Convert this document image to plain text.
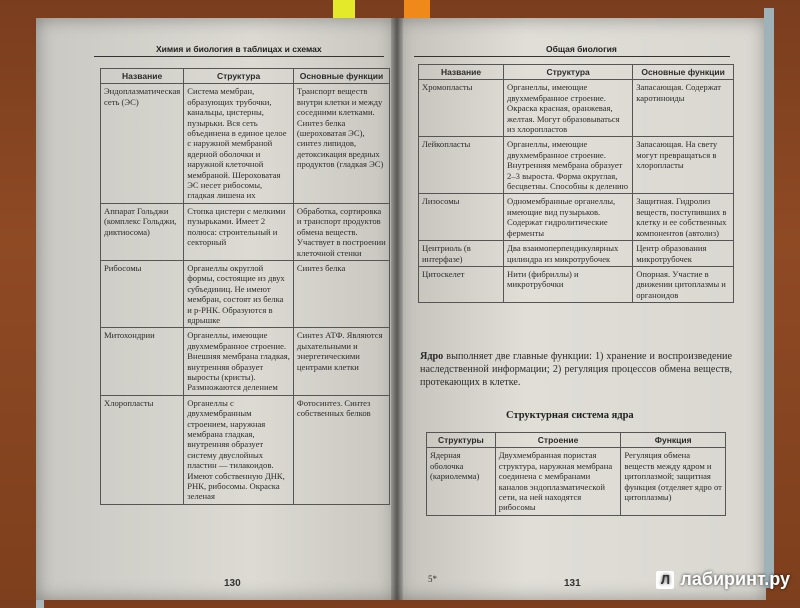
Химия и биология в таблицах и схемах
Название	Структура	Основные функции
Эндоплазматическая сеть (ЭС)	Система мембран, образующих трубочки, канальцы, цистерны, пузырьки. Вся сеть объединена в единое целое с наружной мембраной ядерной оболочки и наружной клеточной мембраной. Шероховатая ЭС несет рибосомы, гладкая лишена их	Транспорт веществ внутри клетки и между соседними клетками. Синтез белка (шероховатая ЭС), синтез липидов, детоксикация вредных продуктов (гладкая ЭС)
Аппарат Гольджи (комплекс Гольджи, диктиосома)	Стопка цистерн с мелкими пузырьками. Имеет 2 полюса: строительный и секторный	Обработка, сортировка и транспорт продуктов обмена веществ. Участвует в построении клеточной стенки
Рибосомы	Органеллы округлой формы, состоящие из двух субъединиц. Не имеют мембран, состоят из белка и р-РНК. Образуются в ядрышке	Синтез белка
Митохондрии	Органеллы, имеющие двухмембранное строение. Внешняя мембрана гладкая, внутренняя образует выросты (кристы). Размножаются делением	Синтез АТФ. Являются дыхательными и энергетическими центрами клетки
Хлоропласты	Органеллы с двухмембранным строением, наружная мембрана гладкая, внутренняя образует систему двуслойных пластин — тилакоидов. Имеют собственную ДНК, РНК, рибосомы. Окраска зеленая	Фотосинтез. Синтез собственных белков
130
Общая биология
Название	Структура	Основные функции
Хромопласты	Органеллы, имеющие двухмембранное строение. Окраска красная, оранжевая, желтая. Могут образовываться из хлоропластов	Запасающая. Содержат каротиноиды
Лейкопласты	Органеллы, имеющие двухмембранное строение. Внутренняя мембрана образует 2–3 выроста. Форма округлая, бесцветны. Способны к делению	Запасающая. На свету могут превращаться в хлоропласты
Лизосомы	Одномембранные органеллы, имеющие вид пузырьков. Содержат гидролитические ферменты	Защитная. Гидролиз веществ, поступивших в клетку и ее собственных компонентов (автолиз)
Центриоль (в интерфазе)	Два взаимоперпендикулярных цилиндра из микротрубочек	Центр образования микротрубочек
Цитоскелет	Нити (фибриллы) и микротрубочки	Опорная. Участие в движении цитоплазмы и органоидов
Ядро выполняет две главные функции: 1) хранение и воспроизведение наследственной информации; 2) регуляция процессов обмена веществ, протекающих в клетке.
Структурная система ядра
Структуры	Строение	Функция
Ядерная оболочка (кариолемма)	Двухмембранная пористая структура, наружная мембрана соединена с мембранами каналов эндоплазматической сети, на ней находятся рибосомы	Регуляция обмена веществ между ядром и цитоплазмой; защитная функция (отделяет ядро от цитоплазмы)
5*	131	Л лабиринт.ру
